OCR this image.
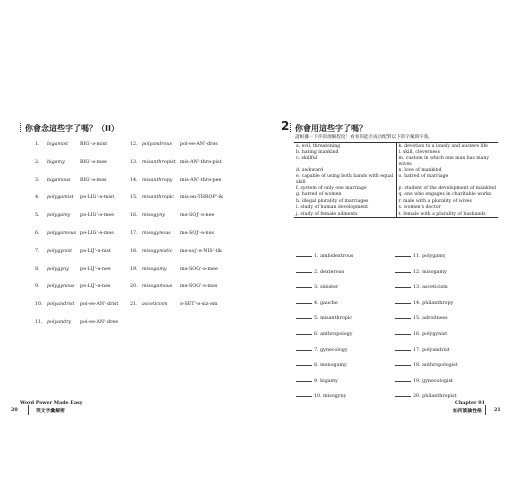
你會念這些字了嗎？（II）
1. bigamist BIG'-ə-mist
2. bigamy	BIG'-ə-mee
3. bigamous BIG'-ə-məs
4. polygamist pə-LIG'-ə-mist
5. polygamy pə-LIG'-ə-mee
6. polygamous pə-LIG'-ə-məs
7. polygynist pə-LIJ'-ə-nist
8. polygyny pə-LIJ'-ə-nee
9. polygynous pə-LIJ'-ə-nəs
10. polyandrist pol-ee-AN'-drist
11. polyandry pol-ee-AN'-dree
12. polyandrous pol-ee-AN'-drəs
13. misanthropist mis-AN'-thrə-pist
14. misanthropy mis-AN'-thrə-pee
15. misanthropic mis-ən-THROP'-ik
16. misogyny	mə-SOJ'-ə-nee
17. misogynous mə-SOJ'-ə-nəs
18. misogynistic mə-soj'-ə-NIS'-tik
19. misogamy	mə-SOG'-ə-mee
20. misogamous mə-SOG'-ə-məs
21. asceticism	ə-SET'-ə-siz-əm
Word Power Made Easy
英文字彙解密
20
2 你會用這些字了嗎？
請根據一下你的理解程度！看看你能否成功配對以下的字彙與字義。
a. evil, threatening	k. devotion to a lonely and austere life
b. hating mankind	l. skill, cleverness
c. skillful	m. custom in which one man has many wives
d. awkward	n. love of mankind
e. capable of using both hands with equal skill	o. hatred of marriage
f. system of only one marriage	p. student of the development of mankind
g. hatred of women	q. one who engages in charitable works
h. illegal plurality of marriages	r. male with a plurality of wives
i. study of human development	s. women's doctor
j. study of female ailments	t. female with a plurality of husbands
1. ambidextrous
2. dexterous
3. sinister
4. gauche
5. misanthropic
6. anthropology
7. gynecology
8. monogamy
9. bigamy
10. misogyny
11. polygamy
12. misogamy
13. asceticism
14. philanthropy
15. adroitness
16. polygynist
17. polyandrist
18. anthropologist
19. gynecologist
20. philanthropist
Chapter 01
如何談論性格	21
